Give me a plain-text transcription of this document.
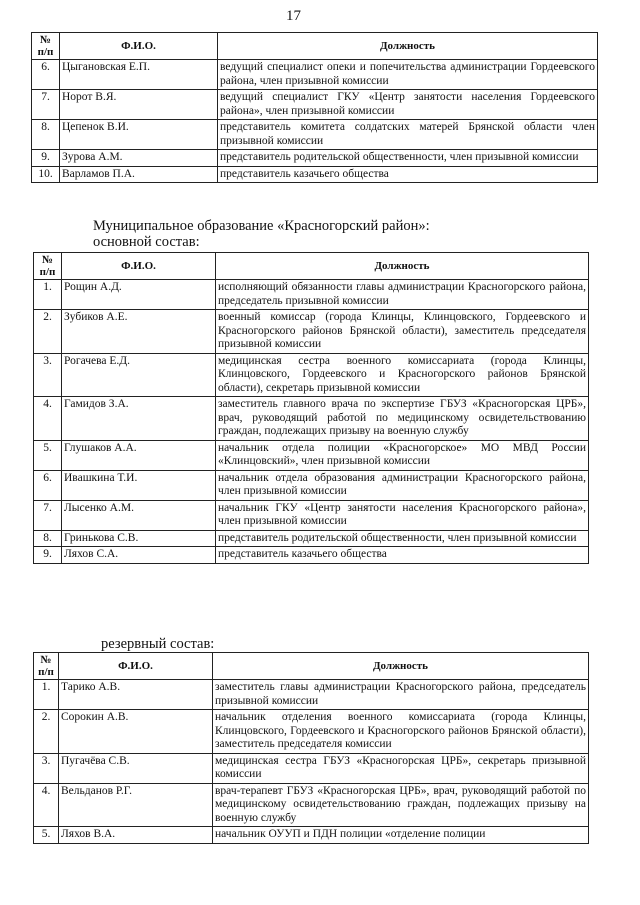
17
№
п/п	Ф.И.О.	Должность
6.	Цыгановская Е.П.	ведущий специалист опеки и попечительства администрации Гордеевского района, член призывной комиссии
7.	Норот В.Я.	ведущий специалист ГКУ «Центр занятости населения Гордеевского района», член призывной комиссии
8.	Цепенок В.И.	представитель комитета солдатских матерей Брянской области член призывной комиссии
9.	Зурова А.М.	представитель родительской общественности, член призывной комиссии
10.	Варламов П.А.	представитель казачьего общества
Муниципальное образование «Красногорский район»:
основной состав:
№
п/п	Ф.И.О.	Должность
1.	Рощин А.Д.	исполняющий обязанности главы администрации Красногорского района, председатель призывной комиссии
2.	Зубиков А.Е.	военный комиссар (города Клинцы, Клинцовского, Гордеевского и Красногорского районов Брянской области), заместитель председателя призывной комиссии
3.	Рогачева Е.Д.	медицинская сестра военного комиссариата (города Клинцы, Клинцовского, Гордеевского и Красногорского районов Брянской области), секретарь призывной комиссии
4.	Гамидов З.А.	заместитель главного врача по экспертизе ГБУЗ «Красногорская ЦРБ», врач, руководящий работой по медицинскому освидетельствованию граждан, подлежащих призыву на военную службу
5.	Глушаков А.А.	начальник отдела полиции «Красногорское» МО МВД России «Клинцовский», член призывной комиссии
6.	Ивашкина Т.И.	начальник отдела образования администрации Красногорского района, член призывной комиссии
7.	Лысенко А.М.	начальник ГКУ «Центр занятости населения Красногорского района», член призывной комиссии
8.	Гринькова С.В.	представитель родительской общественности, член призывной комиссии
9.	Ляхов С.А.	представитель казачьего общества
резервный состав:
№
п/п	Ф.И.О.	Должность
1.	Тарико А.В.	заместитель главы администрации Красногорского района, председатель призывной комиссии
2.	Сорокин А.В.	начальник отделения военного комиссариата (города Клинцы, Клинцовского, Гордеевского и Красногорского районов Брянской области), заместитель председателя комиссии
3.	Пугачёва С.В.	медицинская сестра ГБУЗ «Красногорская ЦРБ», секретарь призывной комиссии
4.	Вельданов Р.Г.	врач-терапевт ГБУЗ «Красногорская ЦРБ», врач, руководящий работой по медицинскому освидетельствованию граждан, подлежащих призыву на военную службу
5.	Ляхов В.А.	начальник ОУУП и ПДН полиции «отделение полиции
